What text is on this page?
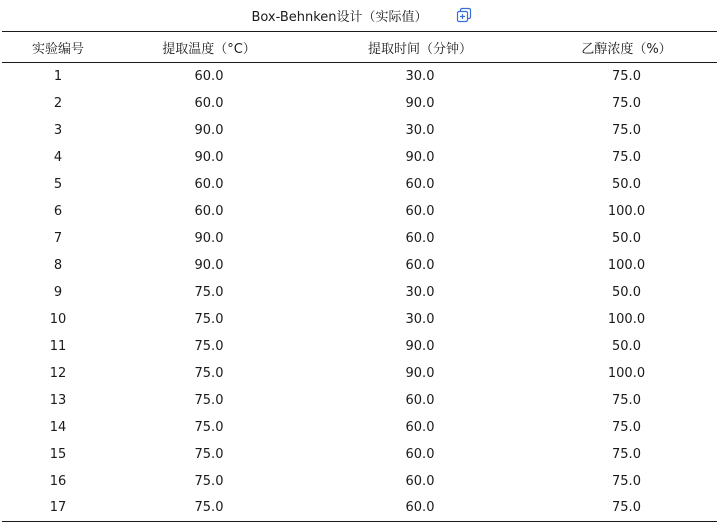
Box-Behnken设计（实际值）
实验编号	提取温度（°C）	提取时间（分钟）	乙醇浓度（%）
1	60.0	30.0	75.0
2	60.0	90.0	75.0
3	90.0	30.0	75.0
4	90.0	90.0	75.0
5	60.0	60.0	50.0
6	60.0	60.0	100.0
7	90.0	60.0	50.0
8	90.0	60.0	100.0
9	75.0	30.0	50.0
10	75.0	30.0	100.0
11	75.0	90.0	50.0
12	75.0	90.0	100.0
13	75.0	60.0	75.0
14	75.0	60.0	75.0
15	75.0	60.0	75.0
16	75.0	60.0	75.0
17	75.0	60.0	75.0
